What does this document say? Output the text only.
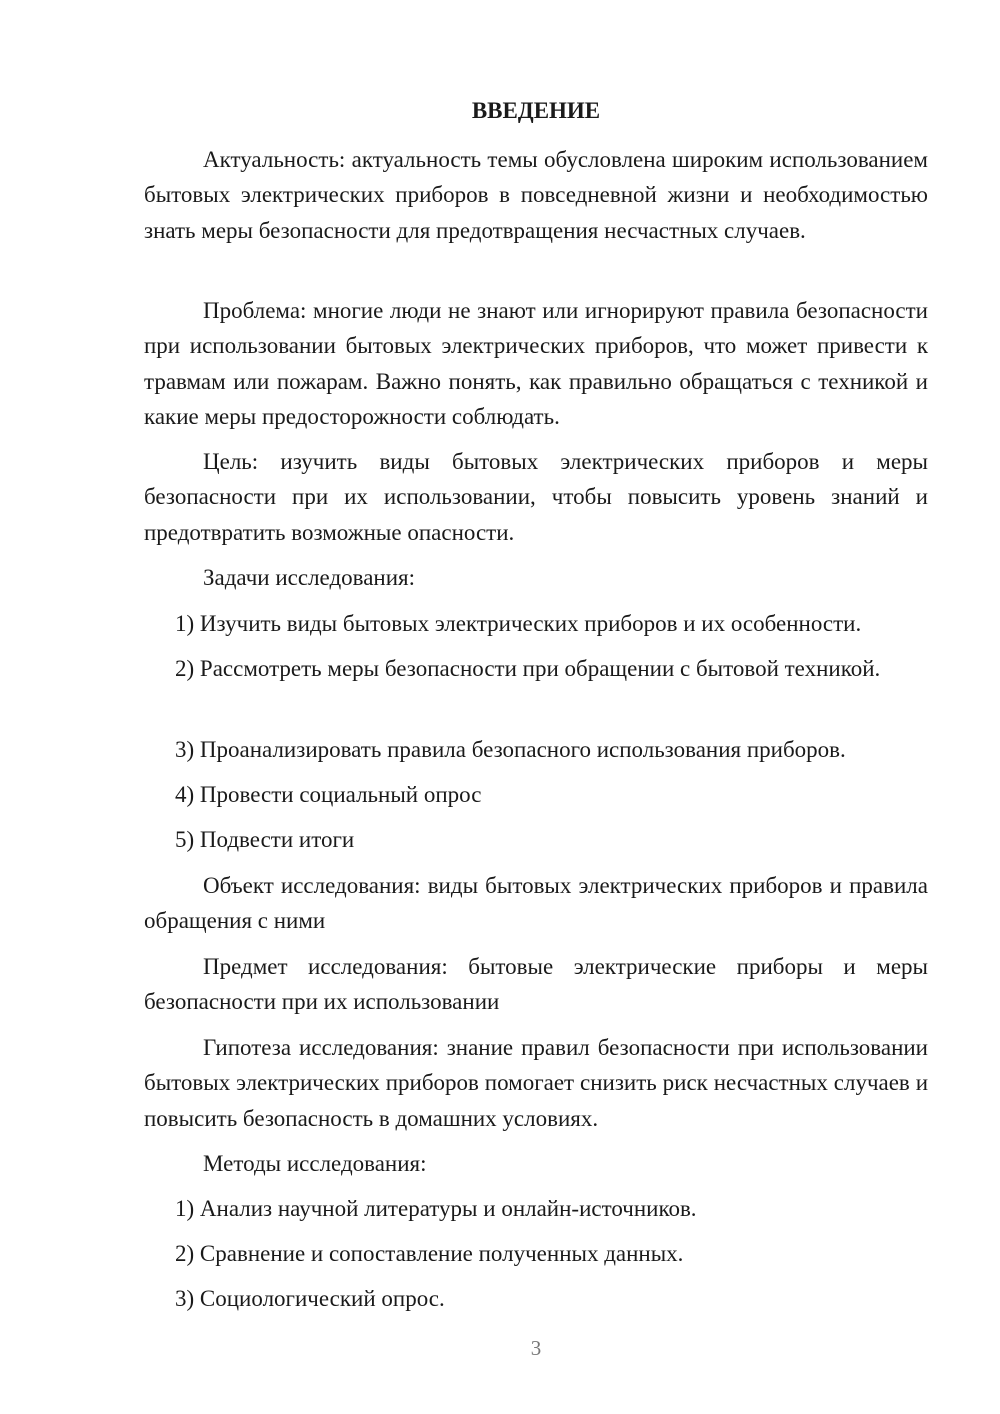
ВВЕДЕНИЕ

Актуальность: актуальность темы обусловлена широким использованием бытовых электрических приборов в повседневной жизни и необходимостью знать меры безопасности для предотвращения несчастных случаев.

Проблема: многие люди не знают или игнорируют правила безопасности при использовании бытовых электрических приборов, что может привести к травмам или пожарам. Важно понять, как правильно обращаться с техникой и какие меры предосторожности соблюдать.

Цель: изучить виды бытовых электрических приборов и меры безопасности при их использовании, чтобы повысить уровень знаний и предотвратить возможные опасности.

Задачи исследования:

1) Изучить виды бытовых электрических приборов и их особенности.

2) Рассмотреть меры безопасности при обращении с бытовой техникой.

3) Проанализировать правила безопасного использования приборов.

4) Провести социальный опрос

5) Подвести итоги

Объект исследования: виды бытовых электрических приборов и правила обращения с ними

Предмет исследования: бытовые электрические приборы и меры безопасности при их использовании

Гипотеза исследования: знание правил безопасности при использовании бытовых электрических приборов помогает снизить риск несчастных случаев и повысить безопасность в домашних условиях.

Методы исследования:

1) Анализ научной литературы и онлайн-источников.

2) Сравнение и сопоставление полученных данных.

3) Социологический опрос.

3
